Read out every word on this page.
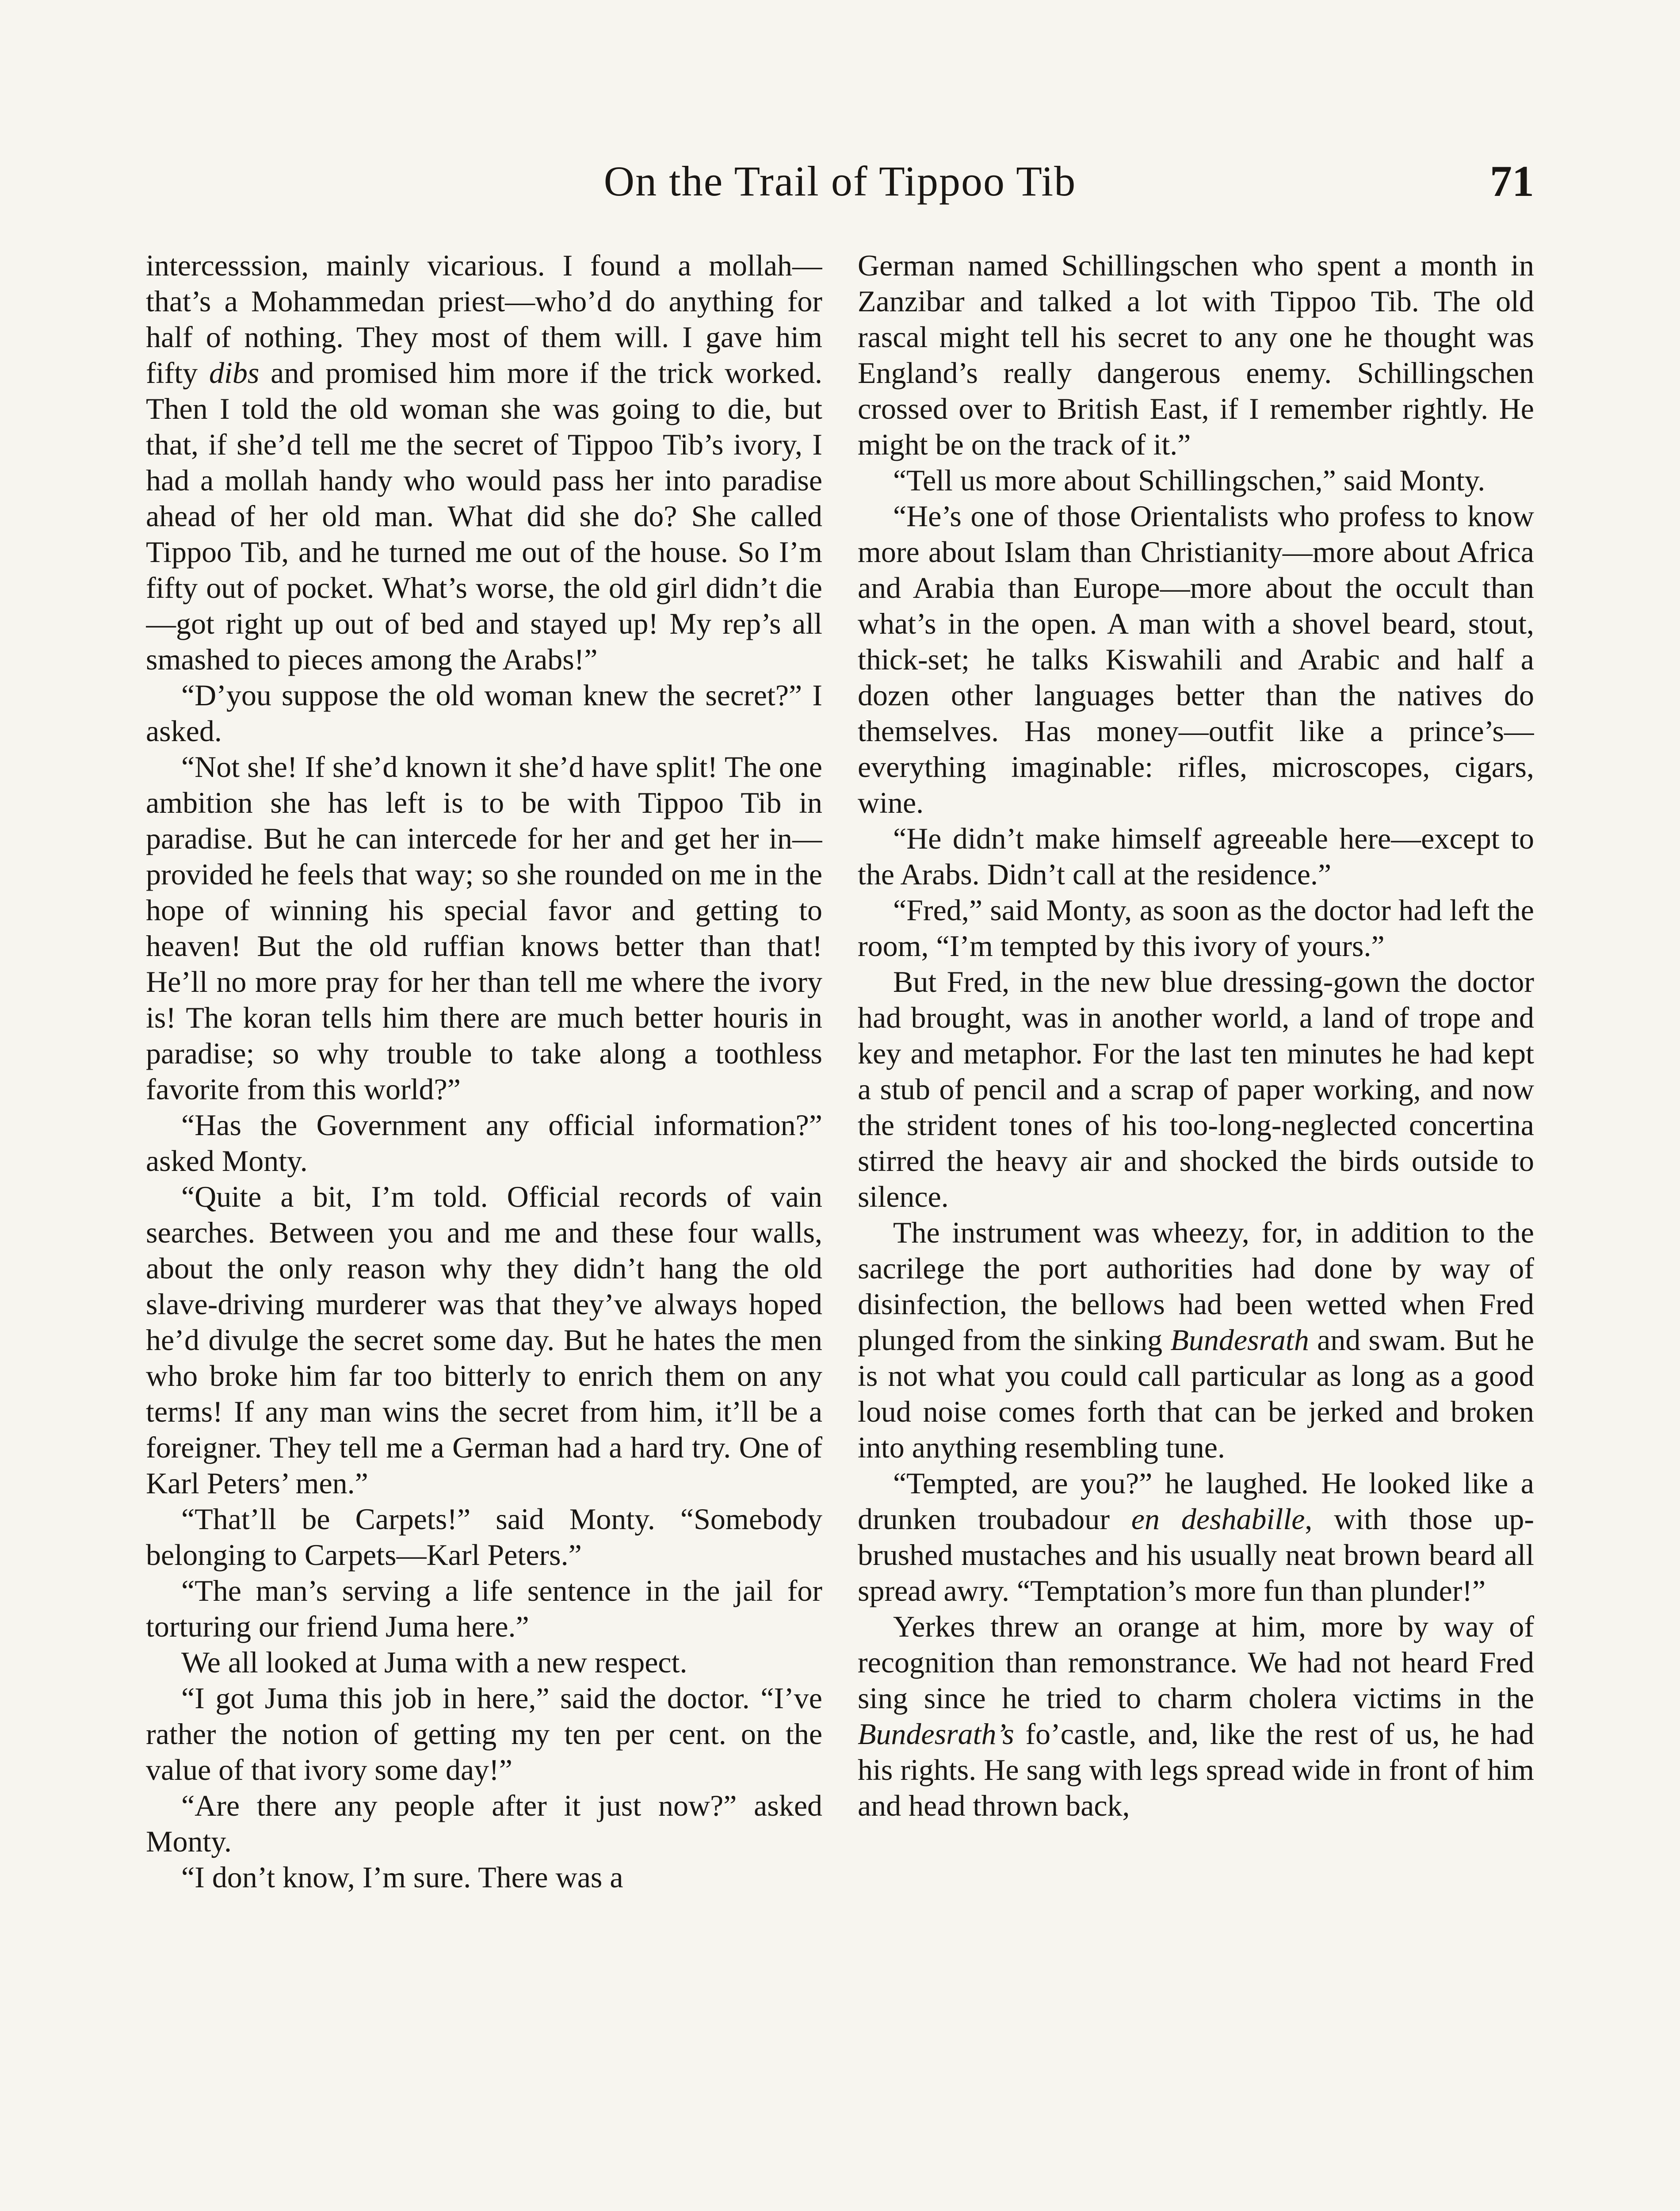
On the Trail of Tippoo Tib	71

intercesssion, mainly vicarious. I found a mollah—that’s a Mohammedan priest—who’d do anything for half of nothing. They most of them will. I gave him fifty dibs and promised him more if the trick worked. Then I told the old woman she was going to die, but that, if she’d tell me the secret of Tippoo Tib’s ivory, I had a mollah handy who would pass her into paradise ahead of her old man. What did she do? She called Tippoo Tib, and he turned me out of the house. So I’m fifty out of pocket. What’s worse, the old girl didn’t die—got right up out of bed and stayed up! My rep’s all smashed to pieces among the Arabs!”

“D’you suppose the old woman knew the secret?” I asked.

“Not she! If she’d known it she’d have split! The one ambition she has left is to be with Tippoo Tib in paradise. But he can intercede for her and get her in—provided he feels that way; so she rounded on me in the hope of winning his special favor and getting to heaven! But the old ruffian knows better than that! He’ll no more pray for her than tell me where the ivory is! The koran tells him there are much better houris in paradise; so why trouble to take along a toothless favorite from this world?”

“Has the Government any official information?” asked Monty.

“Quite a bit, I’m told. Official records of vain searches. Between you and me and these four walls, about the only reason why they didn’t hang the old slave-driving murderer was that they’ve always hoped he’d divulge the secret some day. But he hates the men who broke him far too bitterly to enrich them on any terms! If any man wins the secret from him, it’ll be a foreigner. They tell me a German had a hard try. One of Karl Peters’ men.”

“That’ll be Carpets!” said Monty. “Somebody belonging to Carpets—Karl Peters.”

“The man’s serving a life sentence in the jail for torturing our friend Juma here.”

We all looked at Juma with a new respect.

“I got Juma this job in here,” said the doctor. “I’ve rather the notion of getting my ten per cent. on the value of that ivory some day!”

“Are there any people after it just now?” asked Monty.

“I don’t know, I’m sure. There was a

German named Schillingschen who spent a month in Zanzibar and talked a lot with Tippoo Tib. The old rascal might tell his secret to any one he thought was England’s really dangerous enemy. Schillingschen crossed over to British East, if I remember rightly. He might be on the track of it.”

“Tell us more about Schillingschen,” said Monty.

“He’s one of those Orientalists who profess to know more about Islam than Christianity—more about Africa and Arabia than Europe—more about the occult than what’s in the open. A man with a shovel beard, stout, thick-set; he talks Kiswahili and Arabic and half a dozen other languages better than the natives do themselves. Has money—outfit like a prince’s—everything imaginable: rifles, microscopes, cigars, wine.

“He didn’t make himself agreeable here—except to the Arabs. Didn’t call at the residence.”

“Fred,” said Monty, as soon as the doctor had left the room, “I’m tempted by this ivory of yours.”

But Fred, in the new blue dressing-gown the doctor had brought, was in another world, a land of trope and key and metaphor. For the last ten minutes he had kept a stub of pencil and a scrap of paper working, and now the strident tones of his too-long-neglected concertina stirred the heavy air and shocked the birds outside to silence.

The instrument was wheezy, for, in addition to the sacrilege the port authorities had done by way of disinfection, the bellows had been wetted when Fred plunged from the sinking Bundesrath and swam. But he is not what you could call particular as long as a good loud noise comes forth that can be jerked and broken into anything resembling tune.

“Tempted, are you?” he laughed. He looked like a drunken troubadour en deshabille, with those up-brushed mustaches and his usually neat brown beard all spread awry. “Temptation’s more fun than plunder!”

Yerkes threw an orange at him, more by way of recognition than remonstrance. We had not heard Fred sing since he tried to charm cholera victims in the Bundesrath’s fo’castle, and, like the rest of us, he had his rights. He sang with legs spread wide in front of him and head thrown back,
